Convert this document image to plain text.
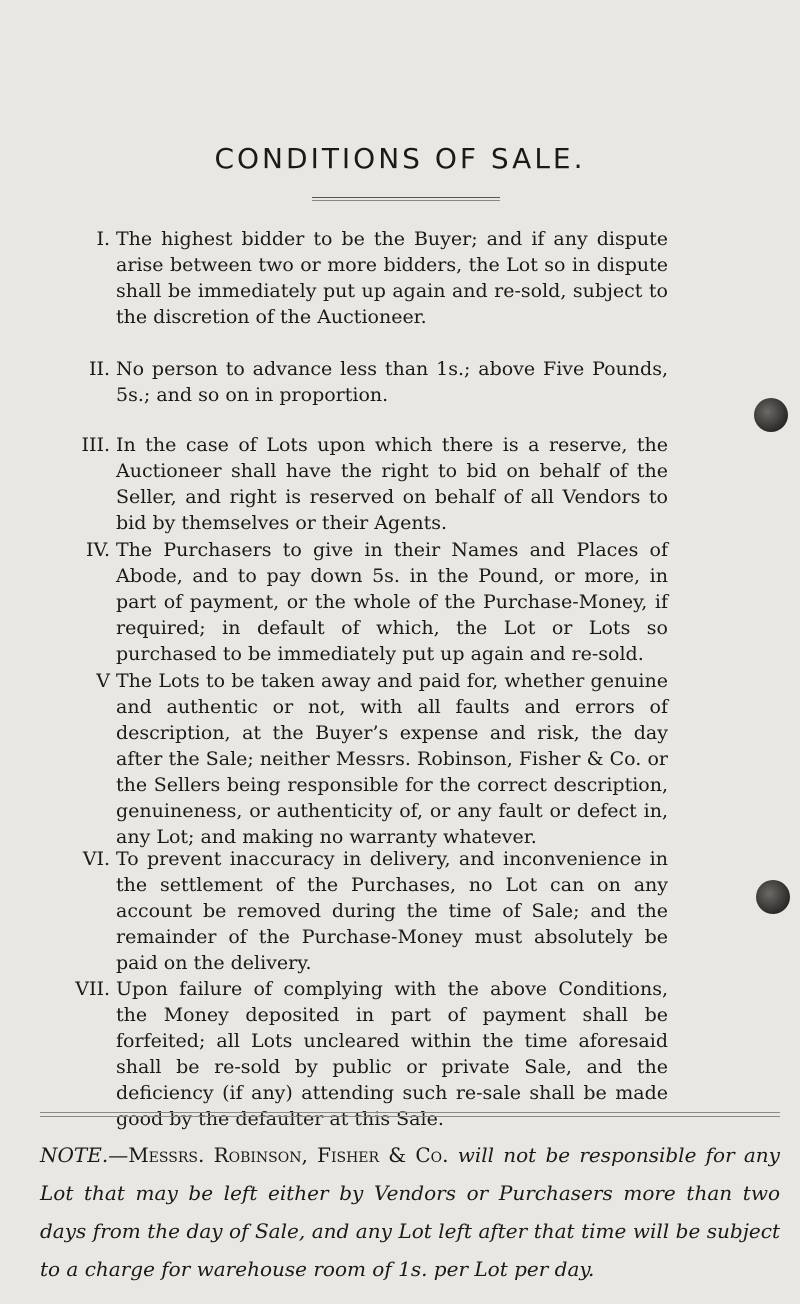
CONDITIONS OF SALE.
I. The highest bidder to be the Buyer; and if any dispute arise between two or more bidders, the Lot so in dispute shall be immediately put up again and re-sold, subject to the discretion of the Auctioneer.
II. No person to advance less than 1s.; above Five Pounds, 5s.; and so on in proportion.
III. In the case of Lots upon which there is a reserve, the Auctioneer shall have the right to bid on behalf of the Seller, and right is reserved on behalf of all Vendors to bid by themselves or their Agents.
IV. The Purchasers to give in their Names and Places of Abode, and to pay down 5s. in the Pound, or more, in part of payment, or the whole of the Purchase-Money, if required; in default of which, the Lot or Lots so purchased to be immediately put up again and re-sold.
V The Lots to be taken away and paid for, whether genuine and authentic or not, with all faults and errors of description, at the Buyer’s expense and risk, the day after the Sale; neither Messrs. Robinson, Fisher & Co. or the Sellers being responsible for the correct description, genuineness, or authenticity of, or any fault or defect in, any Lot; and making no warranty whatever.
VI. To prevent inaccuracy in delivery, and inconvenience in the settlement of the Purchases, no Lot can on any account be removed during the time of Sale; and the remainder of the Purchase-Money must absolutely be paid on the delivery.
VII. Upon failure of complying with the above Conditions, the Money deposited in part of payment shall be forfeited; all Lots uncleared within the time aforesaid shall be re-sold by public or private Sale, and the deficiency (if any) attending such re-sale shall be made good by the defaulter at this Sale.
NOTE.—Messrs. Robinson, Fisher & Co. will not be responsible for any Lot that may be left either by Vendors or Purchasers more than two days from the day of Sale, and any Lot left after that time will be subject to a charge for warehouse room of 1s. per Lot per day.
